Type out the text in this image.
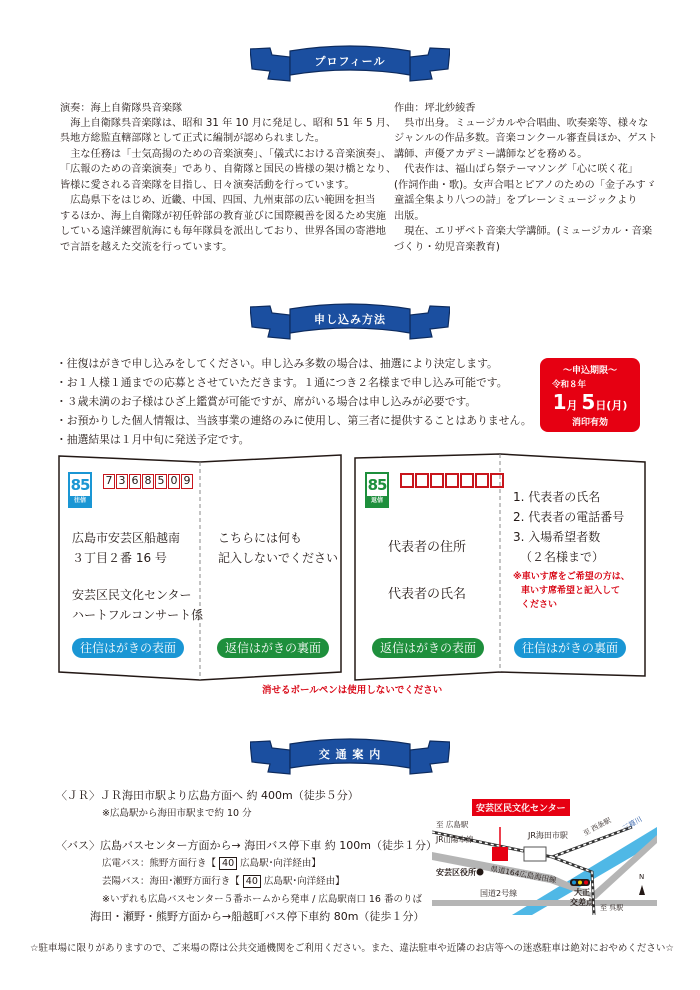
プロフィール
演奏：海上自衛隊呉音楽隊
海上自衛隊呉音楽隊は、昭和 31 年 10 月に発足し、昭和 51 年 5 月、
呉地方総監直轄部隊として正式に編制が認められました。
主な任務は「士気高揚のための音楽演奏」、「儀式における音楽演奏」、
「広報のための音楽演奏」であり、自衛隊と国民の皆様の架け橋となり、
皆様に愛される音楽隊を目指し、日々演奏活動を行っています。
広島県下をはじめ、近畿、中国、四国、九州東部の広い範囲を担当
するほか、海上自衛隊が初任幹部の教育並びに国際親善を図るため実施
している遠洋練習航海にも毎年隊員を派出しており、世界各国の寄港地
で言語を越えた交流を行っています。
作曲：坪北紗綾香
呉市出身。ミュージカルや合唱曲、吹奏楽等、様々な
ジャンルの作品多数。音楽コンクール審査員ほか、ゲスト
講師、声優アカデミー講師などを務める。
代表作は、福山ばら祭テーマソング「心に咲く花」
(作詞作曲・歌)。女声合唱とピアノのための「金子みすゞ
童謡全集より八つの詩」をブレーンミュージックより
出版。
現在、エリザベト音楽大学講師。(ミュージカル・音楽
づくり・幼児音楽教育)
申し込み方法
・往復はがきで申し込みをしてください。申し込み多数の場合は、抽選により決定します。
・お１人様１通までの応募とさせていただきます。１通につき２名様まで申し込み可能です。
・３歳未満のお子様はひざ上鑑賞が可能ですが、席がいる場合は申し込みが必要です。
・お預かりした個人情報は、当該事業の連絡のみに使用し、第三者に提供することはありません。
・抽選結果は１月中旬に発送予定です。
～申込期限～
令和８年
1月 5日(月)
消印有効
85
往信
7 3 6 8 5 0 9
広島市安芸区船越南
３丁目２番 16 号
安芸区民文化センター
ハートフルコンサート係
往信はがきの表面
こちらには何も
記入しないでください
返信はがきの裏面
85
返信
代表者の住所
代表者の氏名
返信はがきの表面
1. 代表者の氏名
2. 代表者の電話番号
3. 入場希望者数
（２名様まで）
※車いす席をご希望の方は、
車いす席希望と記入して
ください
往信はがきの裏面
消せるボールペンは使用しないでください
交 通 案 内
〈ＪＲ〉ＪＲ海田市駅より広島方面へ 約 400m（徒歩５分）
※広島駅から海田市駅まで約 10 分
〈バス〉広島バスセンター方面から→ 海田バス停下車 約 100m（徒歩１分）
広電バス：熊野方面行き【 40 広島駅･向洋経由】
芸陽バス：海田･瀬野方面行き【 40 広島駅･向洋経由】
※いずれも広島バスセンター５番ホームから発車 / 広島駅南口 16 番のりば
海田・瀬野・熊野方面から→船越町バス停下車約 80m（徒歩１分）
安芸区民文化センター
至 広島駅
JR山陽本線	JR海田市駅 至 西条駅 三篠川
安芸区役所 県道164広島海田線
国道2号線	大正
交差点
至 呉駅
N
☆駐車場に限りがありますので、ご来場の際は公共交通機関をご利用ください。また、違法駐車や近隣のお店等への迷惑駐車は絶対におやめください☆
